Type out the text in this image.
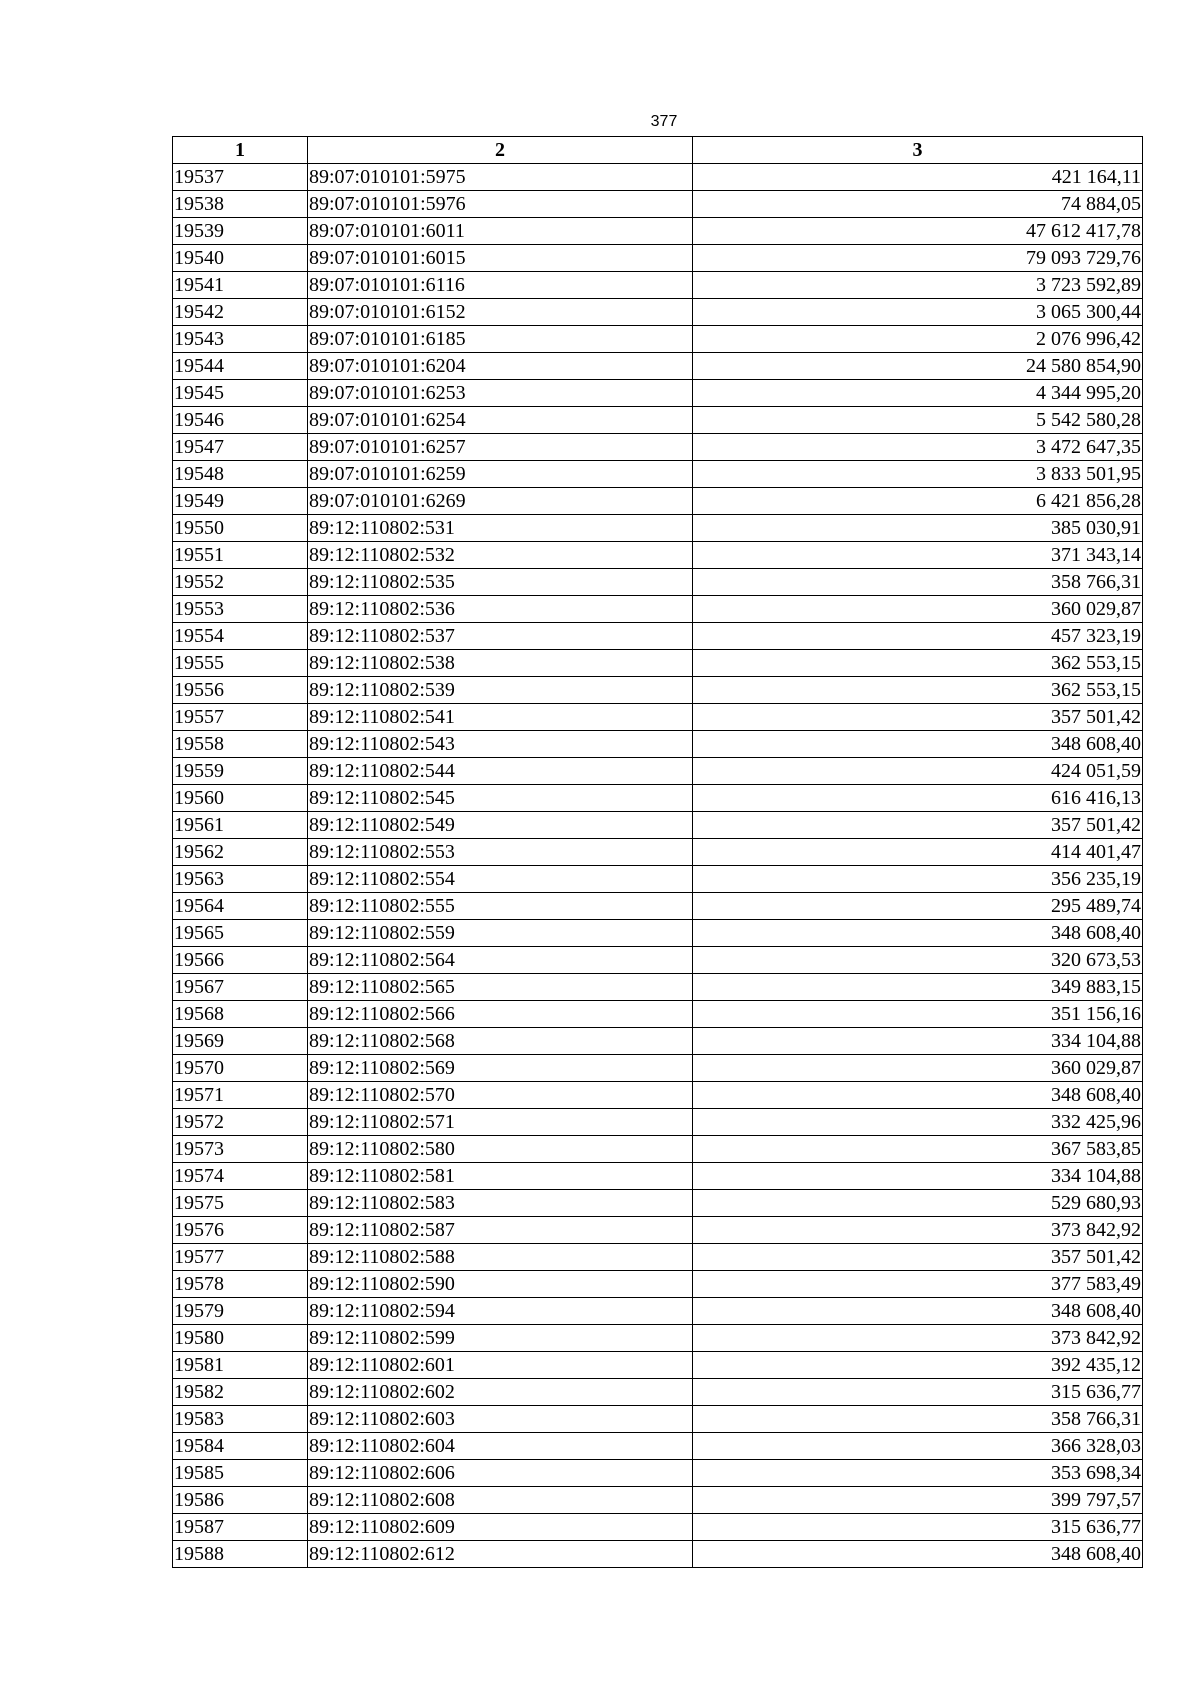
377
1	2	3
19537	89:07:010101:5975	421 164,11
19538	89:07:010101:5976	74 884,05
19539	89:07:010101:6011	47 612 417,78
19540	89:07:010101:6015	79 093 729,76
19541	89:07:010101:6116	3 723 592,89
19542	89:07:010101:6152	3 065 300,44
19543	89:07:010101:6185	2 076 996,42
19544	89:07:010101:6204	24 580 854,90
19545	89:07:010101:6253	4 344 995,20
19546	89:07:010101:6254	5 542 580,28
19547	89:07:010101:6257	3 472 647,35
19548	89:07:010101:6259	3 833 501,95
19549	89:07:010101:6269	6 421 856,28
19550	89:12:110802:531	385 030,91
19551	89:12:110802:532	371 343,14
19552	89:12:110802:535	358 766,31
19553	89:12:110802:536	360 029,87
19554	89:12:110802:537	457 323,19
19555	89:12:110802:538	362 553,15
19556	89:12:110802:539	362 553,15
19557	89:12:110802:541	357 501,42
19558	89:12:110802:543	348 608,40
19559	89:12:110802:544	424 051,59
19560	89:12:110802:545	616 416,13
19561	89:12:110802:549	357 501,42
19562	89:12:110802:553	414 401,47
19563	89:12:110802:554	356 235,19
19564	89:12:110802:555	295 489,74
19565	89:12:110802:559	348 608,40
19566	89:12:110802:564	320 673,53
19567	89:12:110802:565	349 883,15
19568	89:12:110802:566	351 156,16
19569	89:12:110802:568	334 104,88
19570	89:12:110802:569	360 029,87
19571	89:12:110802:570	348 608,40
19572	89:12:110802:571	332 425,96
19573	89:12:110802:580	367 583,85
19574	89:12:110802:581	334 104,88
19575	89:12:110802:583	529 680,93
19576	89:12:110802:587	373 842,92
19577	89:12:110802:588	357 501,42
19578	89:12:110802:590	377 583,49
19579	89:12:110802:594	348 608,40
19580	89:12:110802:599	373 842,92
19581	89:12:110802:601	392 435,12
19582	89:12:110802:602	315 636,77
19583	89:12:110802:603	358 766,31
19584	89:12:110802:604	366 328,03
19585	89:12:110802:606	353 698,34
19586	89:12:110802:608	399 797,57
19587	89:12:110802:609	315 636,77
19588	89:12:110802:612	348 608,40
